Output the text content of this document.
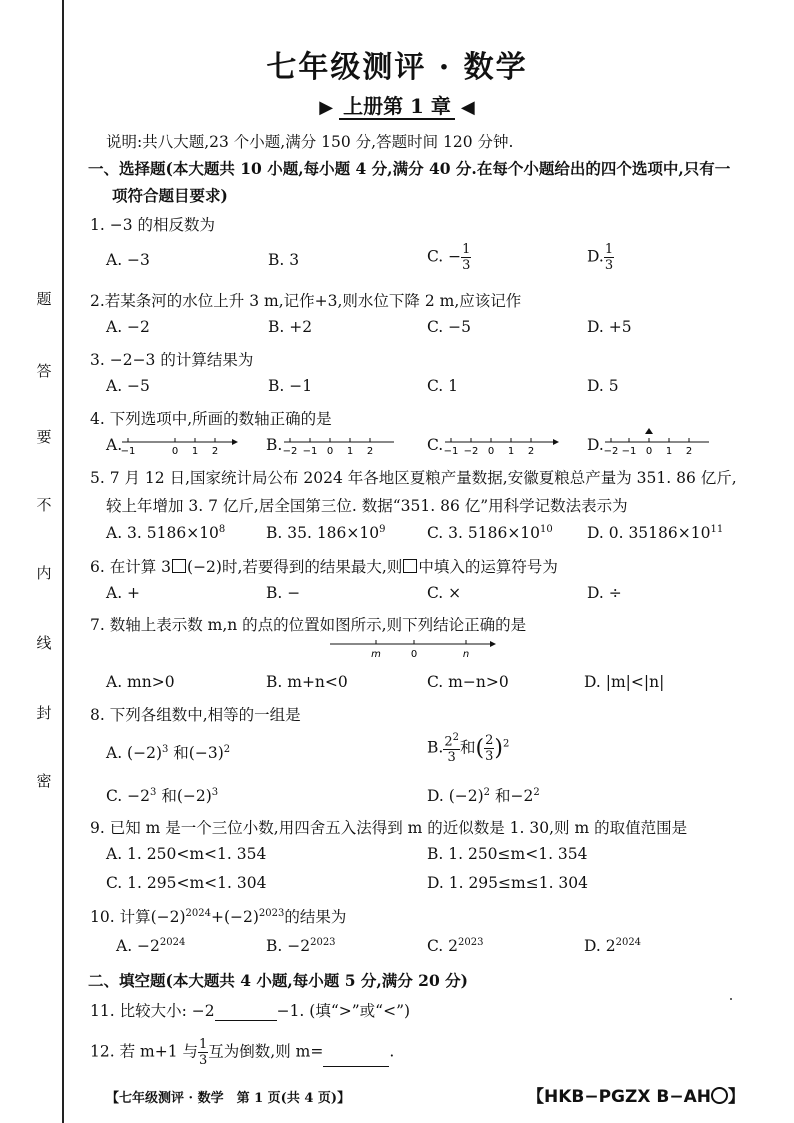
题
答
要
不
内
线
封
密
七年级测评 · 数学
▶ 上册第 1 章 ◀
说明:共八大题,23 个小题,满分 150 分,答题时间 120 分钟.
一、选择题(本大题共 10 小题,每小题 4 分,满分 40 分.在每个小题给出的四个选项中,只有一
项符合题目要求)
1. −3 的相反数为
A. −3	B. 3	C. − $\frac{1}{3}$	D. $\frac{1}{3}$
2.若某条河的水位上升 3 m,记作+3,则水位下降 2 m,应该记作
A. −2	B. +2	C. −5	D. +5
3. −2−3 的计算结果为
A. −5	B. −1	C. 1	D. 5
4. 下列选项中,所画的数轴正确的是
A.
−1	0 1 2	B. −2 −1 0 1 2	C. −1 −2 0 1 2	D. −2 −1 0 1 2
5. 7 月 12 日,国家统计局公布 2024 年各地区夏粮产量数据,安徽夏粮总产量为 351. 86 亿斤,
较上年增加 3. 7 亿斤,居全国第三位. 数据“351. 86 亿”用科学记数法表示为
A. 3. $5186\times 10^8$	B. 35. $186\times 10^9$	C. 3. $5186\times 10^{10}$ D. 0. $35186\times 10^{11}$
6. 在计算 3 (−2)时,若要得到的结果最大,则 中填入的运算符号为
A. +	B. −	C. ×	D. ÷
7. 数轴上表示数 m,n 的点的位置如图所示,则下列结论正确的是
m	0	n
A. mn>0	B. m+n<0	C. m−n>0	D. |m|<|n|
8. 下列各组数中,相等的一组是
A. $(-2)^3$ 和$(-3)^2$	B. $\frac{2^2}{3}$ 和( $\frac{2}{3} )^2$
C. $-2^3$ 和$(-2)^3$	D. $(-2)^2$ 和$-2^2$
9. 已知 m 是一个三位小数,用四舍五入法得到 m 的近似数是 1. 30,则 m 的取值范围是
A. 1. 250<m<1. 354	B. 1. 250≤m<1. 354
C. 1. 295<m<1. 304	D. 1. 295≤m≤1. 304
10. 计算$(-2)^{2024}+(-2)^{2023}$的结果为
A. $-2^{2024}$	B. $-2^{2023}$	C. $2^{2023}$	D. $2^{2024}$
二、填空题(本大题共 4 小题,每小题 5 分,满分 20 分)
11. 比较大小: −2	−1. (填“>”或“<”)
12. 若 m+1 与 $\frac{1}{3}$ 互为倒数,则 m=	.
【七年级测评 · 数学　第 1 页(共 4 页)】	【HKB−PGZX B−AH 】
